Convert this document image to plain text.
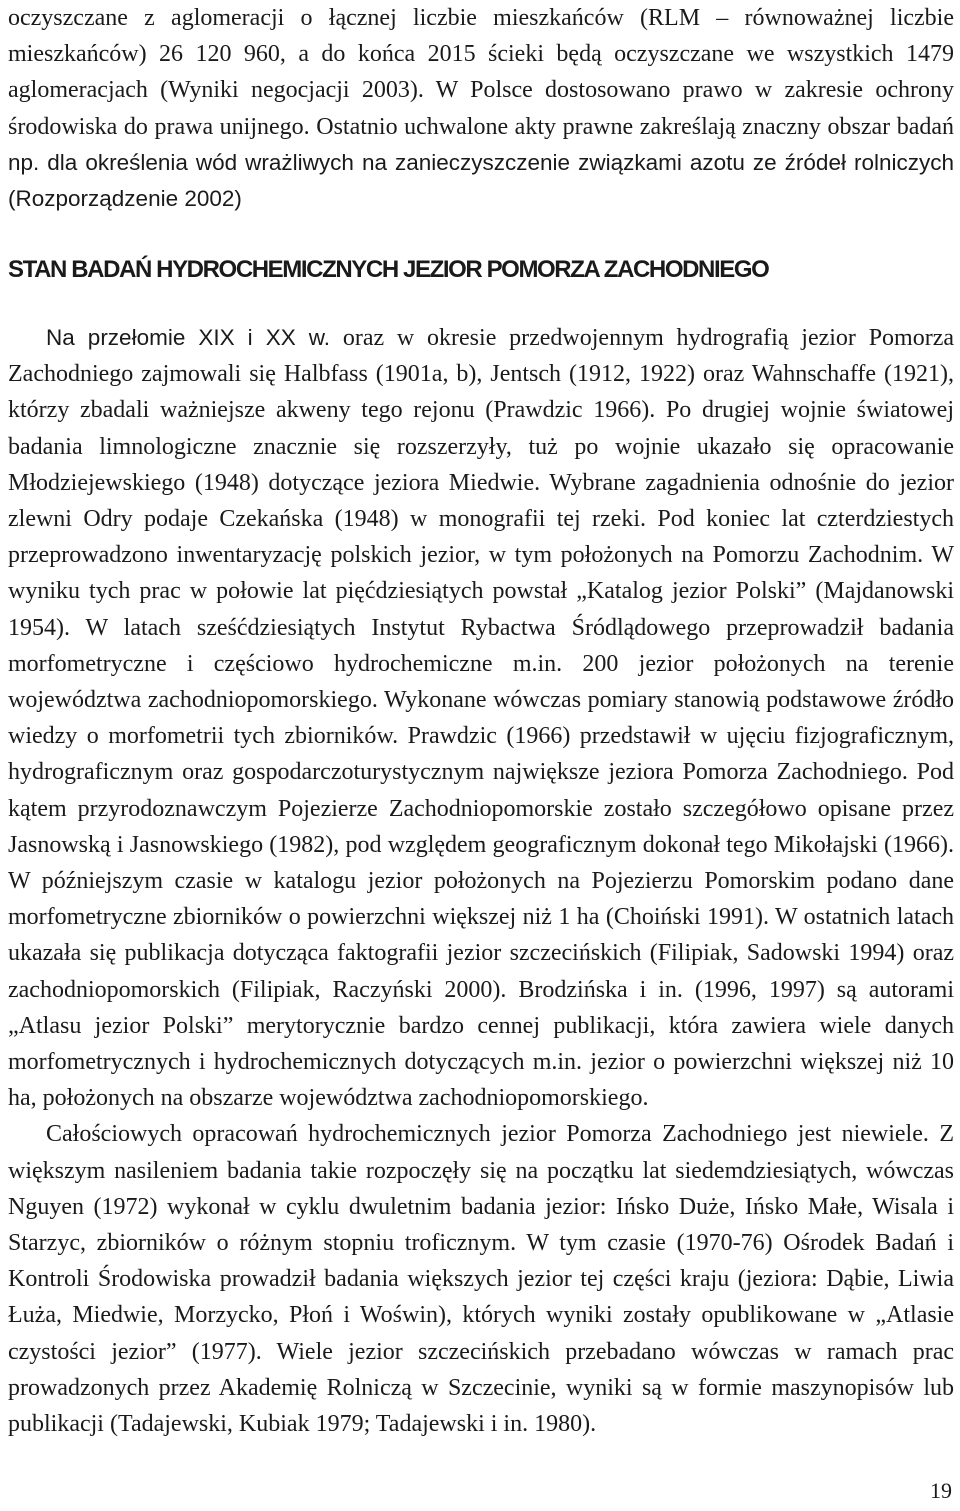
oczyszczane z aglomeracji o łącznej liczbie mieszkańców (RLM – równoważnej liczbie mieszkańców) 26 120 960, a do końca 2015 ścieki będą oczyszczane we wszystkich 1479 aglomeracjach (Wyniki negocjacji 2003). W Polsce dostosowano prawo w zakresie ochrony środowiska do prawa unijnego. Ostatnio uchwalone akty prawne zakreślają znaczny obszar badań np. dla określenia wód wrażliwych na zanieczyszczenie związkami azotu ze źródeł rolniczych (Rozporządzenie 2002)

STAN BADAŃ HYDROCHEMICZNYCH JEZIOR POMORZA ZACHODNIEGO

Na przełomie XIX i XX w. oraz w okresie przedwojennym hydrografią jezior Pomorza Zachodniego zajmowali się Halbfass (1901a, b), Jentsch (1912, 1922) oraz Wahnschaffe (1921), którzy zbadali ważniejsze akweny tego rejonu (Prawdzic 1966). Po drugiej wojnie światowej badania limnologiczne znacznie się rozszerzyły, tuż po wojnie ukazało się opracowanie Młodziejewskiego (1948) dotyczące jeziora Miedwie. Wybrane zagadnienia odnośnie do jezior zlewni Odry podaje Czekańska (1948) w monografii tej rzeki. Pod koniec lat czterdziestych przeprowadzono inwentaryzację polskich jezior, w tym położonych na Pomorzu Zachodnim. W wyniku tych prac w połowie lat pięćdziesiątych powstał „Katalog jezior Polski” (Majdanowski 1954). W latach sześćdziesiątych Instytut Rybactwa Śródlądowego przeprowadził badania morfometryczne i częściowo hydrochemiczne m.in. 200 jezior położonych na terenie województwa zachodniopomorskiego. Wykonane wówczas pomiary stanowią podstawowe źródło wiedzy o morfometrii tych zbiorników. Prawdzic (1966) przedstawił w ujęciu fizjograficznym, hydrograficznym oraz gospodarczoturystycznym największe jeziora Pomorza Zachodniego. Pod kątem przyrodoznawczym Pojezierze Zachodniopomorskie zostało szczegółowo opisane przez Jasnowską i Jasnowskiego (1982), pod względem geograficznym dokonał tego Mikołajski (1966). W późniejszym czasie w katalogu jezior położonych na Pojezierzu Pomorskim podano dane morfometryczne zbiorników o powierzchni większej niż 1 ha (Choiński 1991). W ostatnich latach ukazała się publikacja dotycząca faktografii jezior szczecińskich (Filipiak, Sadowski 1994) oraz zachodniopomorskich (Filipiak, Raczyński 2000). Brodzińska i in. (1996, 1997) są autorami „Atlasu jezior Polski” merytorycznie bardzo cennej publikacji, która zawiera wiele danych morfometrycznych i hydrochemicznych dotyczących m.in. jezior o powierzchni większej niż 10 ha, położonych na obszarze województwa zachodniopomorskiego.

Całościowych opracowań hydrochemicznych jezior Pomorza Zachodniego jest niewiele. Z większym nasileniem badania takie rozpoczęły się na początku lat siedemdziesiątych, wówczas Nguyen (1972) wykonał w cyklu dwuletnim badania jezior: Ińsko Duże, Ińsko Małe, Wisala i Starzyc, zbiorników o różnym stopniu troficznym. W tym czasie (1970-76) Ośrodek Badań i Kontroli Środowiska prowadził badania większych jezior tej części kraju (jeziora: Dąbie, Liwia Łuża, Miedwie, Morzycko, Płoń i Woświn), których wyniki zostały opublikowane w „Atlasie czystości jezior” (1977). Wiele jezior szczecińskich przebadano wówczas w ramach prac prowadzonych przez Akademię Rolniczą w Szczecinie, wyniki są w formie maszynopisów lub publikacji (Tadajewski, Kubiak 1979; Tadajewski i in. 1980).

19
